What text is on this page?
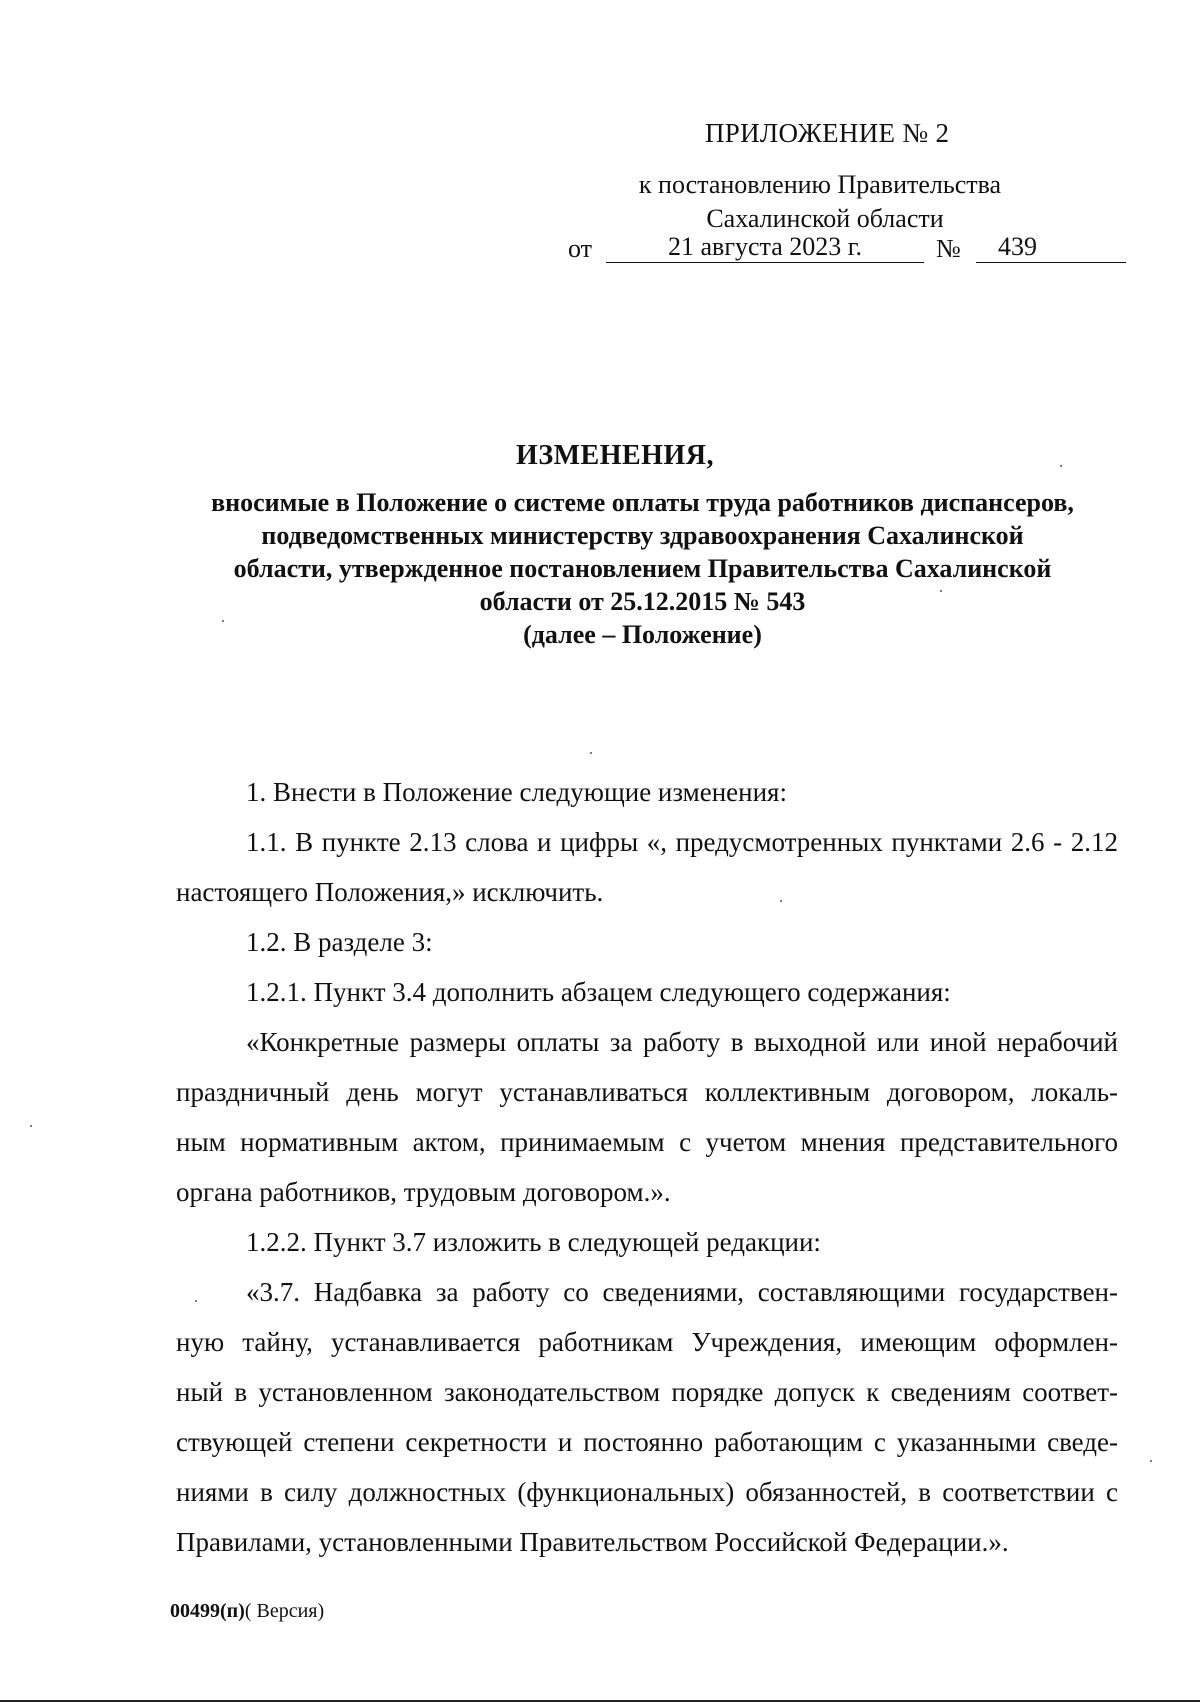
ПРИЛОЖЕНИЕ № 2
к постановлению Правительства
Сахалинской области
от	21 августа 2023 г.	№	439
ИЗМЕНЕНИЯ,
вносимые в Положение о системе оплаты труда работников диспансеров,
подведомственных министерству здравоохранения Сахалинской
области, утвержденное постановлением Правительства Сахалинской
области от 25.12.2015 № 543
(далее – Положение)
1. Внести в Положение следующие изменения:
1.1. В пункте 2.13 слова и цифры «, предусмотренных пунктами 2.6 - 2.12
настоящего Положения,» исключить.
1.2. В разделе 3:
1.2.1. Пункт 3.4 дополнить абзацем следующего содержания:
«Конкретные размеры оплаты за работу в выходной или иной нерабочий
праздничный день могут устанавливаться коллективным договором, локаль-
ным нормативным актом, принимаемым с учетом мнения представительного
органа работников, трудовым договором.».
1.2.2. Пункт 3.7 изложить в следующей редакции:
«3.7. Надбавка за работу со сведениями, составляющими государствен-
ную тайну, устанавливается работникам Учреждения, имеющим оформлен-
ный в установленном законодательством порядке допуск к сведениям соответ-
ствующей степени секретности и постоянно работающим с указанными сведе-
ниями в силу должностных (функциональных) обязанностей, в соответствии с
Правилами, установленными Правительством Российской Федерации.».
00499(п)( Версия)
